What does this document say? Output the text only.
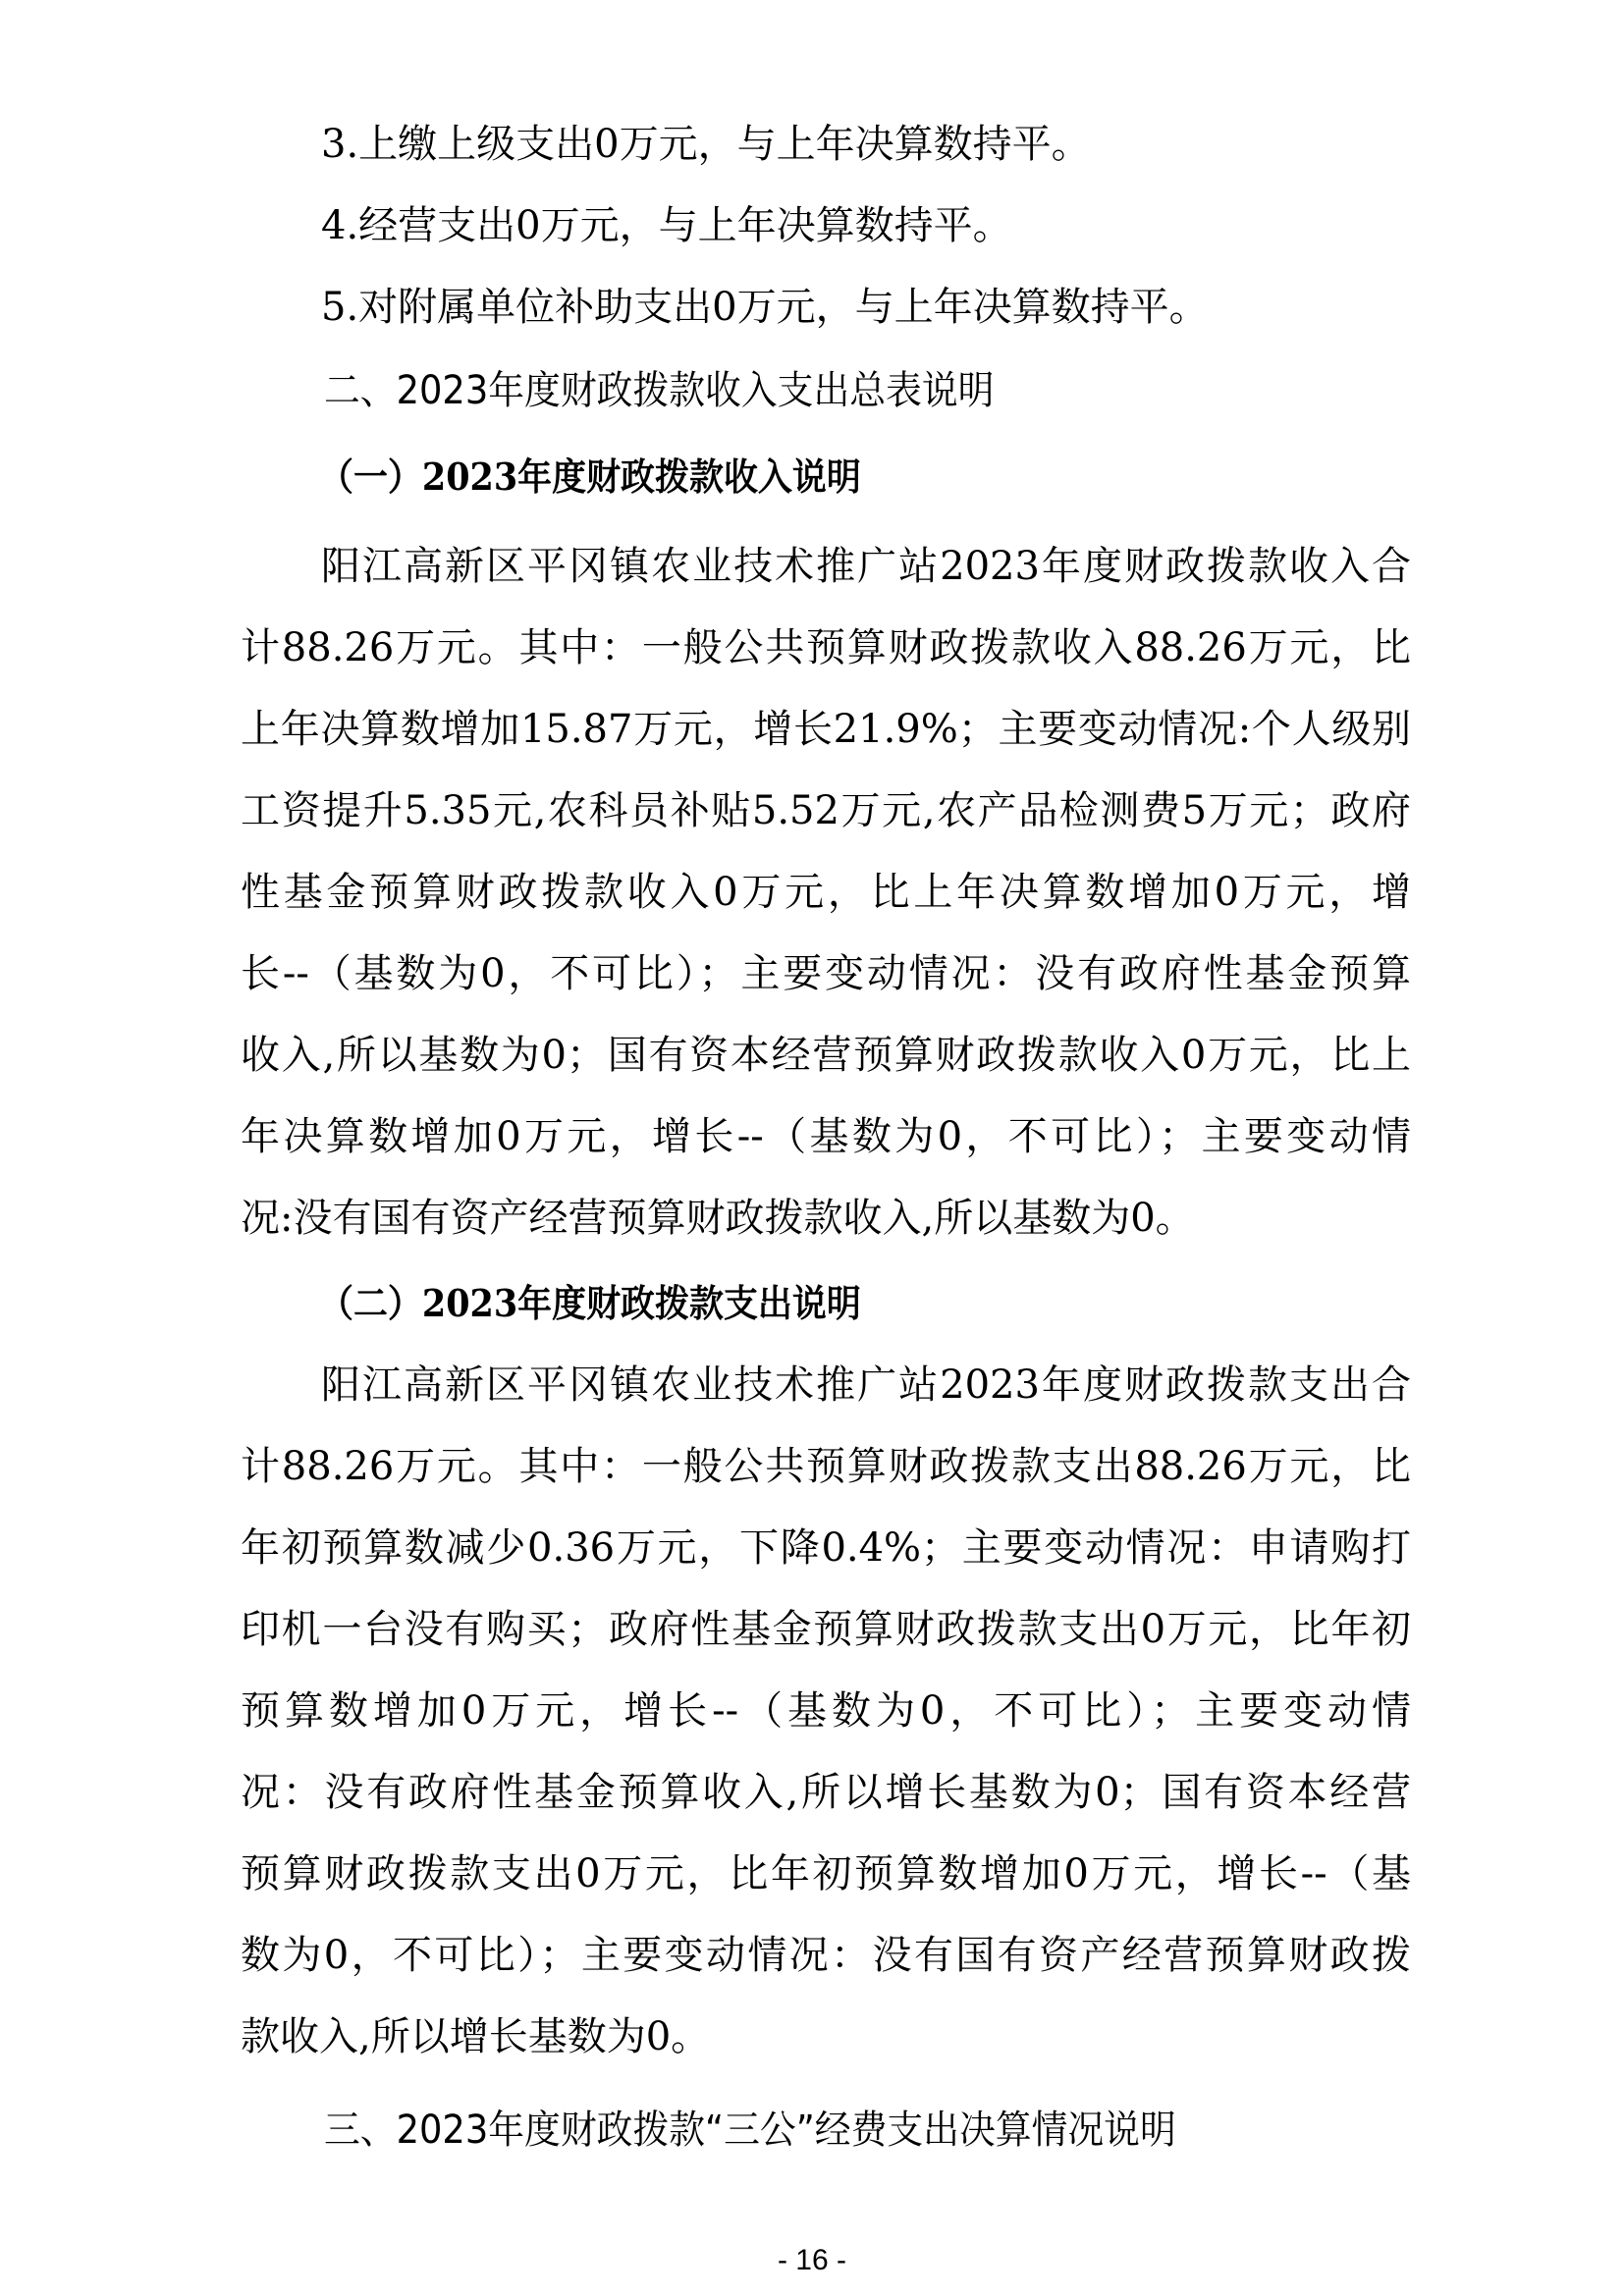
3.上缴上级支出0万元，与上年决算数持平。
4.经营支出0万元，与上年决算数持平。
5.对附属单位补助支出0万元，与上年决算数持平。
二、2023年度财政拨款收入支出总表说明
（一）2023年度财政拨款收入说明
阳江高新区平冈镇农业技术推广站2023年度财政拨款收入合
计88.26万元。其中：一般公共预算财政拨款收入88.26万元，比
上年决算数增加15.87万元，增长21.9%；主要变动情况:个人级别
工资提升5.35元,农科员补贴5.52万元,农产品检测费5万元；政府
性基金预算财政拨款收入0万元，比上年决算数增加0万元，增
长--（基数为0，不可比）；主要变动情况：没有政府性基金预算
收入,所以基数为0；国有资本经营预算财政拨款收入0万元，比上
年决算数增加0万元，增长--（基数为0，不可比）；主要变动情
况:没有国有资产经营预算财政拨款收入,所以基数为0。
（二）2023年度财政拨款支出说明
阳江高新区平冈镇农业技术推广站2023年度财政拨款支出合
计88.26万元。其中：一般公共预算财政拨款支出88.26万元，比
年初预算数减少0.36万元，下降0.4%；主要变动情况：申请购打
印机一台没有购买；政府性基金预算财政拨款支出0万元，比年初
预算数增加0万元，增长--（基数为0，不可比）；主要变动情
况：没有政府性基金预算收入,所以增长基数为0；国有资本经营
预算财政拨款支出0万元，比年初预算数增加0万元，增长--（基
数为0，不可比）；主要变动情况：没有国有资产经营预算财政拨
款收入,所以增长基数为0。
三、2023年度财政拨款“三公”经费支出决算情况说明
- 16 -
